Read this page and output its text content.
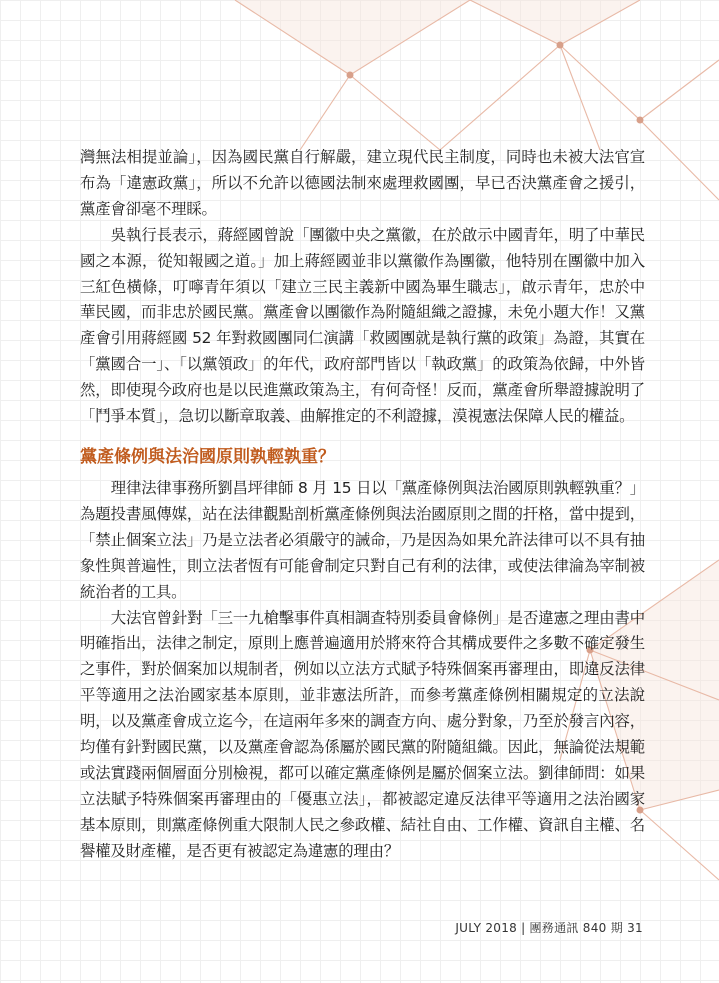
灣無法相提並論」，因為國民黨自行解嚴，建立現代民主制度，同時也未被大法官宣布為「違憲政黨」，所以不允許以德國法制來處理救國團，早已否決黨產會之援引，黨產會卻毫不理睬。

吳執行長表示，蔣經國曾說「團徽中央之黨徽，在於啟示中國青年，明了中華民國之本源，從知報國之道。」加上蔣經國並非以黨徽作為團徽，他特別在團徽中加入三紅色橫條，叮嚀青年須以「建立三民主義新中國為畢生職志」，啟示青年，忠於中華民國，而非忠於國民黨。黨產會以團徽作為附隨組織之證據，未免小題大作！又黨產會引用蔣經國 52 年對救國團同仁演講「救國團就是執行黨的政策」為證，其實在「黨國合一」、「以黨領政」的年代，政府部門皆以「執政黨」的政策為依歸，中外皆然，即使現今政府也是以民進黨政策為主，有何奇怪！反而，黨產會所舉證據說明了「鬥爭本質」，急切以斷章取義、曲解推定的不利證據，漠視憲法保障人民的權益。

黨產條例與法治國原則孰輕孰重？

理律法律事務所劉昌坪律師 8 月 15 日以「黨產條例與法治國原則孰輕孰重？」為題投書風傳媒，站在法律觀點剖析黨產條例與法治國原則之間的扞格，當中提到，「禁止個案立法」乃是立法者必須嚴守的誡命，乃是因為如果允許法律可以不具有抽象性與普遍性，則立法者恆有可能會制定只對自己有利的法律，或使法律淪為宰制被統治者的工具。

大法官曾針對「三一九槍擊事件真相調查特別委員會條例」是否違憲之理由書中明確指出，法律之制定，原則上應普遍適用於將來符合其構成要件之多數不確定發生之事件，對於個案加以規制者，例如以立法方式賦予特殊個案再審理由，即違反法律平等適用之法治國家基本原則，並非憲法所許，而參考黨產條例相關規定的立法說明，以及黨產會成立迄今，在這兩年多來的調查方向、處分對象，乃至於發言內容，均僅有針對國民黨，以及黨產會認為係屬於國民黨的附隨組織。因此，無論從法規範或法實踐兩個層面分別檢視，都可以確定黨產條例是屬於個案立法。劉律師問：如果立法賦予特殊個案再審理由的「優惠立法」，都被認定違反法律平等適用之法治國家基本原則，則黨產條例重大限制人民之參政權、結社自由、工作權、資訊自主權、名譽權及財產權，是否更有被認定為違憲的理由？

JULY 2018 | 團務通訊 840 期 31
